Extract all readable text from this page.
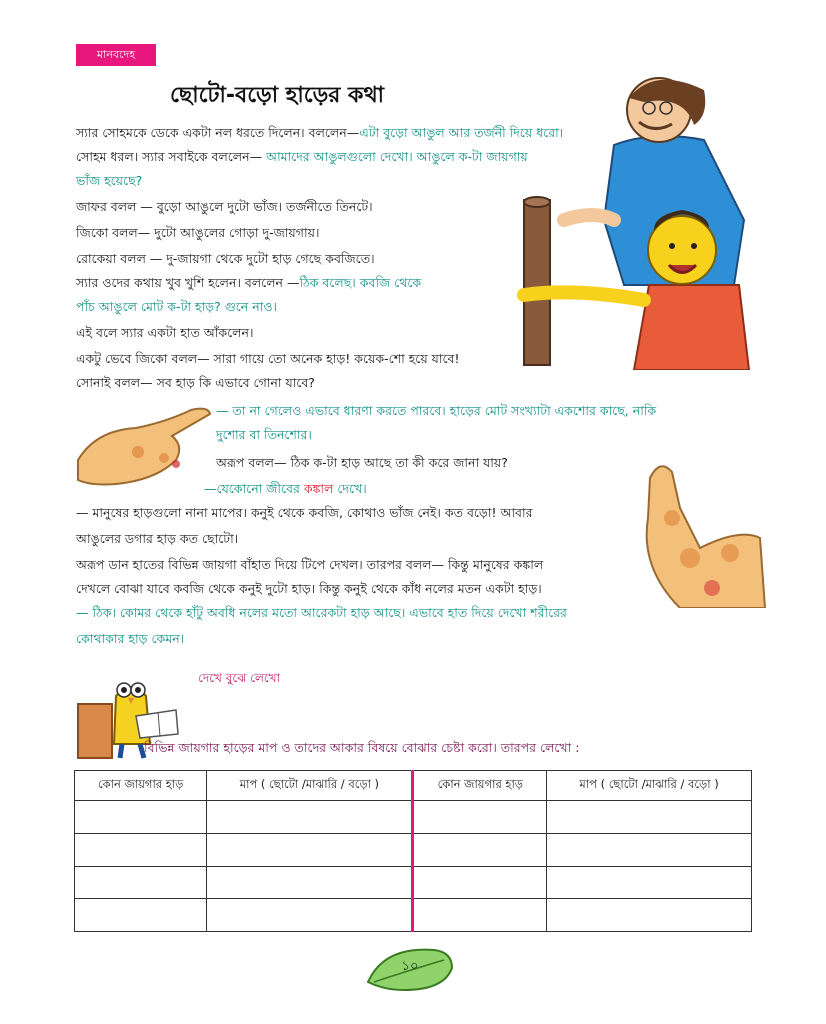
মানবদেহ
ছোটো-বড়ো হাড়ের কথা
স্যার সোহমকে ডেকে একটা নল ধরতে দিলেন। বললেন—এটা বুড়ো আঙুল আর তর্জনী দিয়ে ধরো।
সোহম ধরল। স্যার সবাইকে বললেন— আমাদের আঙুলগুলো দেখো। আঙুলে ক-টা জায়গায়
ভাঁজ হয়েছে?
জাফর বলল — বুড়ো আঙুলে দুটো ভাঁজ। তর্জনীতে তিনটে।
জিকো বলল— দুটো আঙুলের গোড়া দু-জায়গায়।
রোকেয়া বলল — দু-জায়গা থেকে দুটো হাড় গেছে কবজিতে।
স্যার ওদের কথায় খুব খুশি হলেন। বললেন —ঠিক বলেছ। কবজি থেকে
পাঁচ আঙুলে মোট ক-টা হাড়? গুনে নাও।
এই বলে স্যার একটা হাত আঁকলেন।
একটু ভেবে জিকো বলল— সারা গায়ে তো অনেক হাড়! কয়েক-শো হয়ে যাবে!
সোনাই বলল— সব হাড় কি এভাবে গোনা যাবে?
— তা না গেলেও এভাবে ধারণা করতে পারবে। হাড়ের মোট সংখ্যাটা একশোর কাছে, নাকি
দুশোর বা তিনশোর।
অরূপ বলল— ঠিক ক-টা হাড় আছে তা কী করে জানা যায়?
—যেকোনো জীবের কঙ্কাল দেখে।
— মানুষের হাড়গুলো নানা মাপের। কনুই থেকে কবজি, কোথাও ভাঁজ নেই। কত বড়ো! আবার
আঙুলের ডগার হাড় কত ছোটো।
অরূপ ডান হাতের বিভিন্ন জায়গা বাঁহাত দিয়ে টিপে দেখল। তারপর বলল— কিন্তু মানুষের কঙ্কাল
দেখলে বোঝা যাবে কবজি থেকে কনুই দুটো হাড়। কিন্তু কনুই থেকে কাঁধ নলের মতন একটা হাড়।
— ঠিক। কোমর থেকে হাঁটু অবধি নলের মতো আরেকটা হাড় আছে। এভাবে হাত দিয়ে দেখো শরীরের
কোথাকার হাড় কেমন।
দেখে বুঝে লেখো
বিভিন্ন জায়গার হাড়ের মাপ ও তাদের আকার বিষয়ে বোঝার চেষ্টা করো। তারপর লেখো :
কোন জায়গার হাড়	মাপ ( ছোটো /মাঝারি / বড়ো )	কোন জায়গার হাড়	মাপ ( ছোটো /মাঝারি / বড়ো )

১০
